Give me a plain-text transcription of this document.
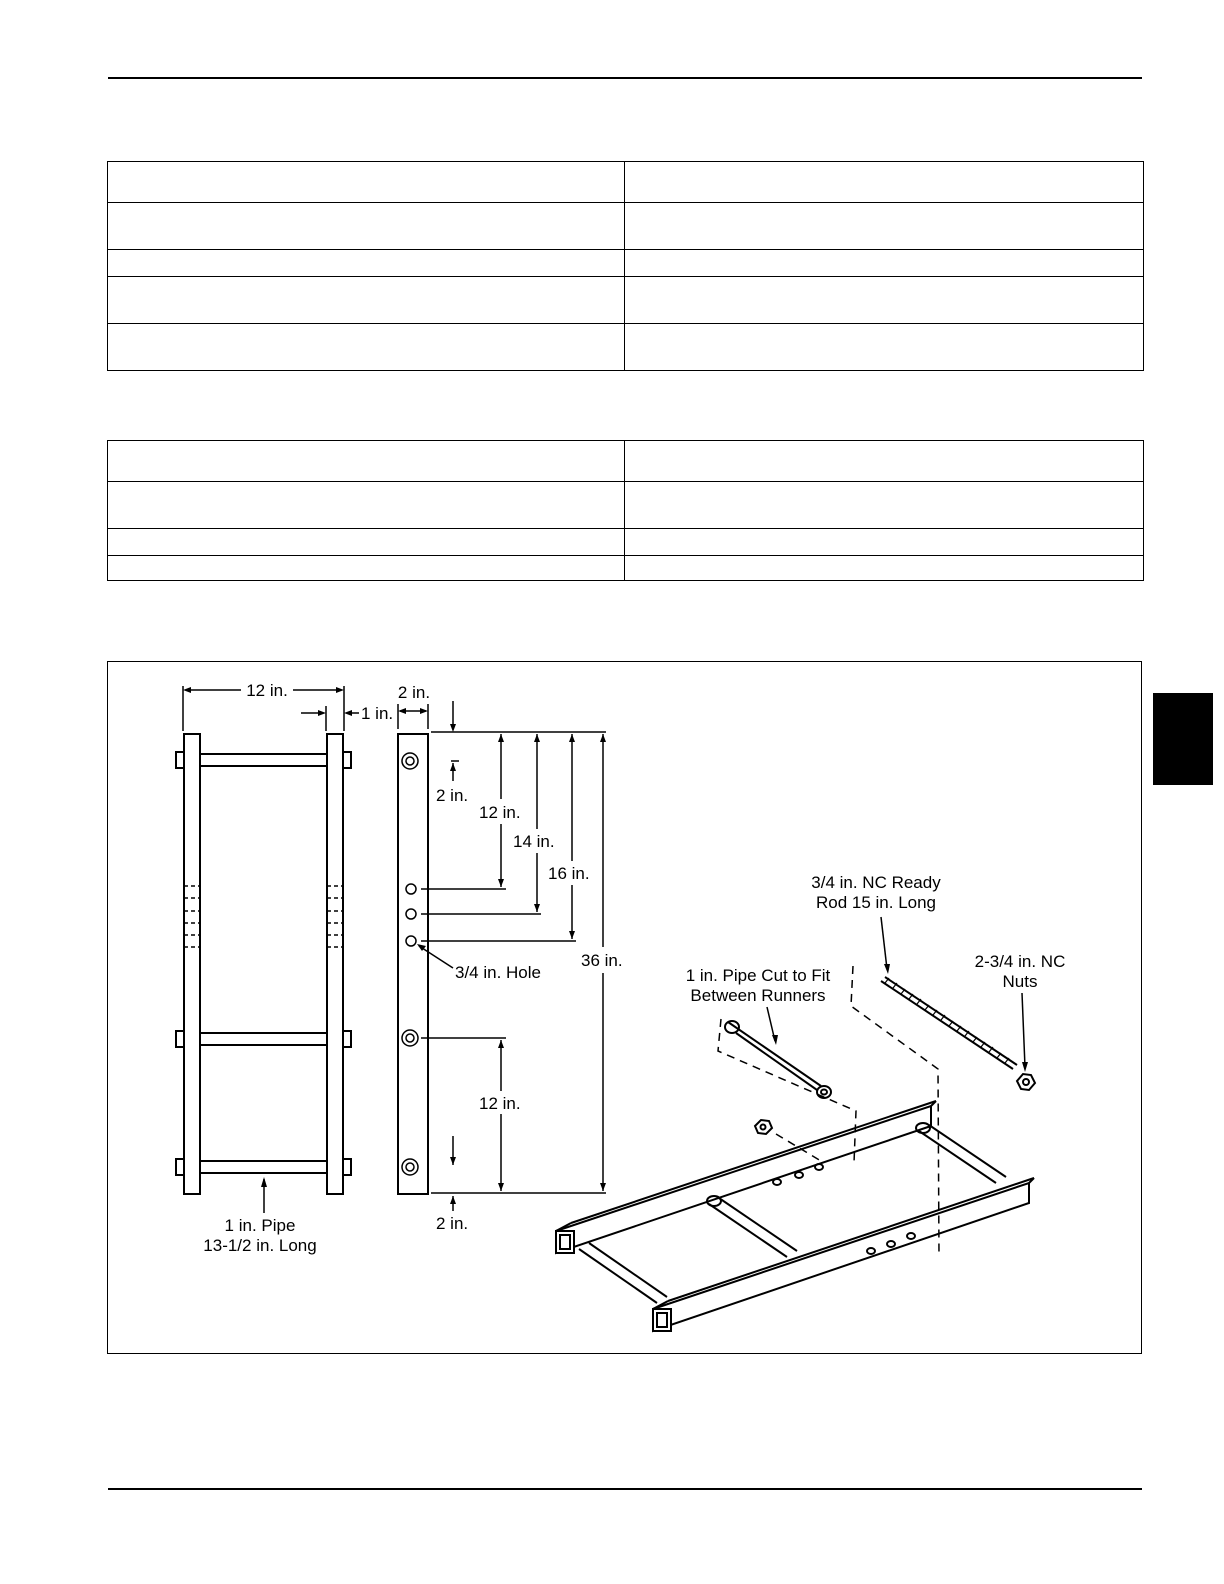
12 in.
1 in.
2 in.
2 in.
12 in.
14 in.
16 in.
3/4 in. Hole
36 in.
12 in.
2 in.
1 in. Pipe
13-1/2 in. Long
3/4 in. NC Ready
Rod 15 in. Long
2-3/4 in. NC
Nuts
1 in. Pipe Cut to Fit
Between Runners
